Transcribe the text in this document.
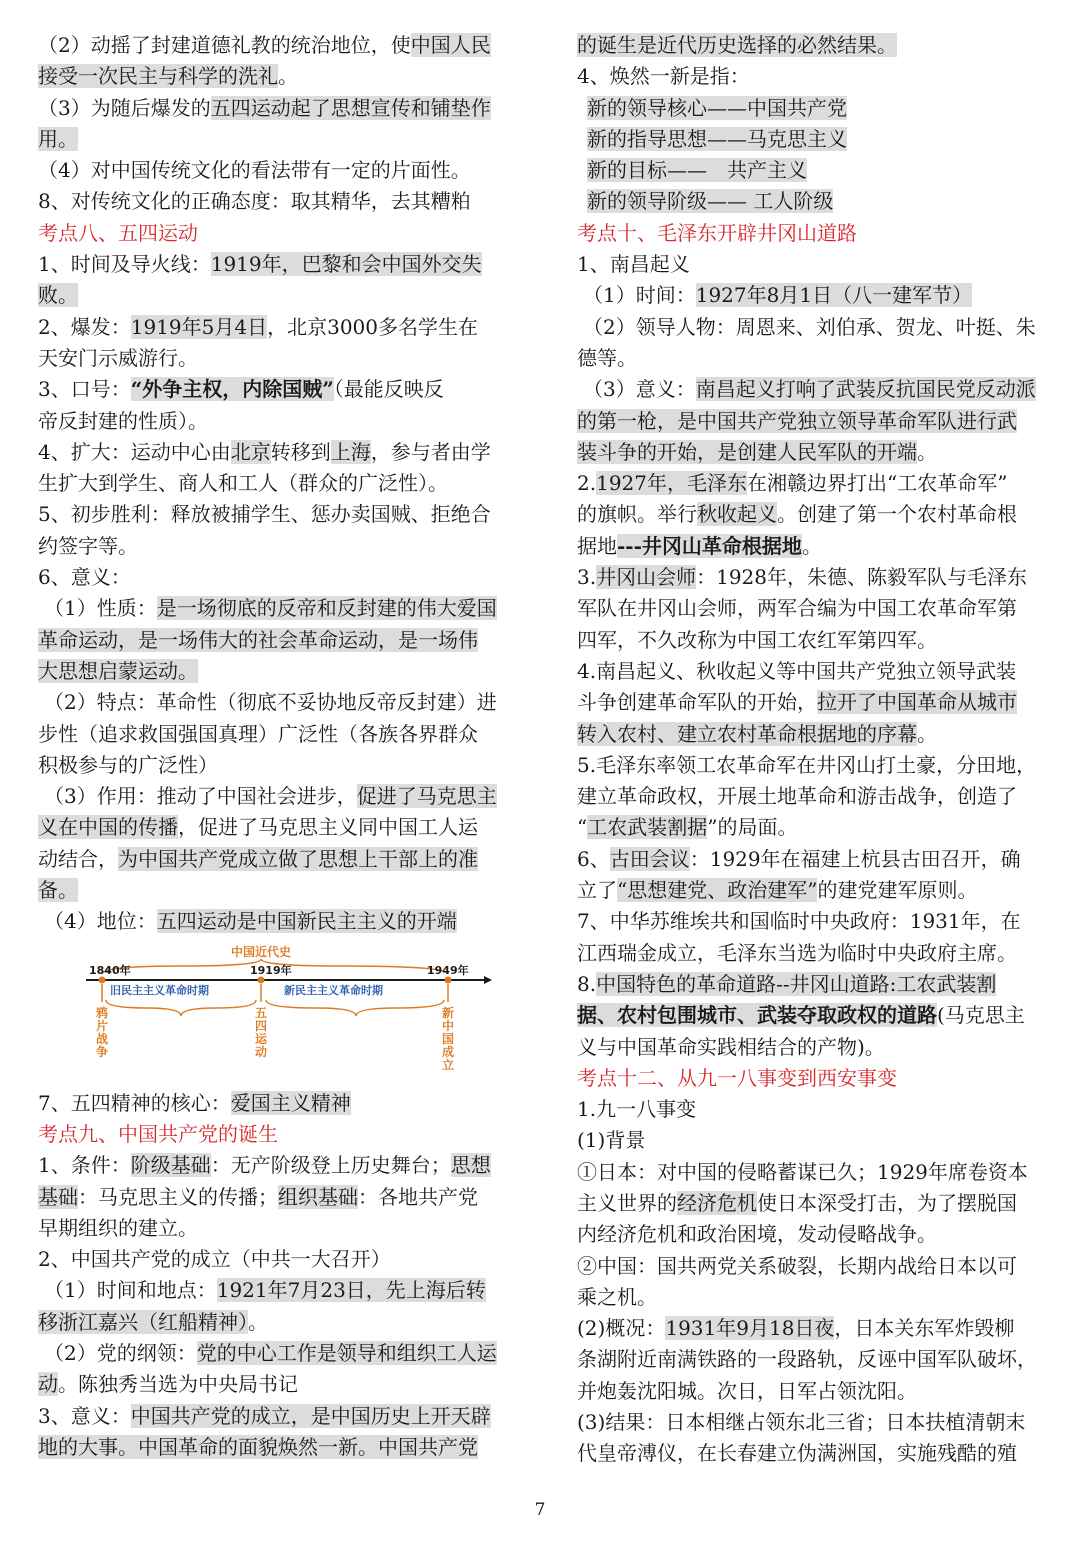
（2）动摇了封建道德礼教的统治地位，使中国人民
接受一次民主与科学的洗礼。
（3）为随后爆发的五四运动起了思想宣传和铺垫作
用。
（4）对中国传统文化的看法带有一定的片面性。
8、对传统文化的正确态度：取其精华，去其糟粕
考点八、五四运动
1、时间及导火线：1919年，巴黎和会中国外交失
败。
2、爆发：1919年5月4日，北京3000多名学生在
天安门示威游行。
3、口号：“外争主权，内除国贼”（最能反映反
帝反封建的性质）。
4、扩大：运动中心由北京转移到上海，参与者由学
生扩大到学生、商人和工人（群众的广泛性）。
5、初步胜利：释放被捕学生、惩办卖国贼、拒绝合
约签字等。
6、意义：
（1）性质：是一场彻底的反帝和反封建的伟大爱国
革命运动，是一场伟大的社会革命运动，是一场伟
大思想启蒙运动。
（2）特点：革命性（彻底不妥协地反帝反封建）进
步性（追求救国强国真理）广泛性（各族各界群众
积极参与的广泛性）
（3）作用：推动了中国社会进步，促进了马克思主
义在中国的传播，促进了马克思主义同中国工人运
动结合，为中国共产党成立做了思想上干部上的准
备。
（4）地位：五四运动是中国新民主主义的开端
中国近代史
1840年	1919年	1949年
旧民主主义革命时期	新民主主义革命时期
鸦
片
战
争
五
四
运
动
新
中
国
成
立
7、五四精神的核心：爱国主义精神
考点九、中国共产党的诞生
1、条件：阶级基础：无产阶级登上历史舞台；思想
基础：马克思主义的传播；组织基础：各地共产党
早期组织的建立。
2、中国共产党的成立（中共一大召开）
（1）时间和地点：1921年7月23日，先上海后转
移浙江嘉兴（红船精神）。
（2）党的纲领：党的中心工作是领导和组织工人运
动。陈独秀当选为中央局书记
3、意义：中国共产党的成立，是中国历史上开天辟
地的大事。中国革命的面貌焕然一新。中国共产党
的诞生是近代历史选择的必然结果。
4、焕然一新是指：
新的领导核心——中国共产党
新的指导思想——马克思主义
新的目标——　共产主义
新的领导阶级—— 工人阶级
考点十、毛泽东开辟井冈山道路
1、南昌起义
（1）时间：1927年8月1日（八一建军节）
（2）领导人物：周恩来、刘伯承、贺龙、叶挺、朱
德等。
（3）意义：南昌起义打响了武装反抗国民党反动派
的第一枪，是中国共产党独立领导革命军队进行武
装斗争的开始，是创建人民军队的开端。
2.1927年，毛泽东在湘赣边界打出“工农革命军”
的旗帜。举行秋收起义。创建了第一个农村革命根
据地---井冈山革命根据地。
3.井冈山会师：1928年，朱德、陈毅军队与毛泽东
军队在井冈山会师，两军合编为中国工农革命军第
四军，不久改称为中国工农红军第四军。
4.南昌起义、秋收起义等中国共产党独立领导武装
斗争创建革命军队的开始，拉开了中国革命从城市
转入农村、建立农村革命根据地的序幕。
5.毛泽东率领工农革命军在井冈山打土豪，分田地，
建立革命政权，开展土地革命和游击战争，创造了
“工农武装割据”的局面。
6、古田会议：1929年在福建上杭县古田召开，确
立了“思想建党、政治建军”的建党建军原则。
7、中华苏维埃共和国临时中央政府：1931年，在
江西瑞金成立，毛泽东当选为临时中央政府主席。
8.中国特色的革命道路--井冈山道路:工农武装割
据、农村包围城市、武装夺取政权的道路(马克思主
义与中国革命实践相结合的产物)。
考点十二、从九一八事变到西安事变
1.九一八事变
(1)背景
①日本：对中国的侵略蓄谋已久；1929年席卷资本
主义世界的经济危机使日本深受打击，为了摆脱国
内经济危机和政治困境，发动侵略战争。
②中国：国共两党关系破裂，长期内战给日本以可
乘之机。
(2)概况：1931年9月18日夜，日本关东军炸毁柳
条湖附近南满铁路的一段路轨，反诬中国军队破坏，
并炮轰沈阳城。次日，日军占领沈阳。
(3)结果：日本相继占领东北三省；日本扶植清朝末
代皇帝溥仪，在长春建立伪满洲国，实施残酷的殖
7
